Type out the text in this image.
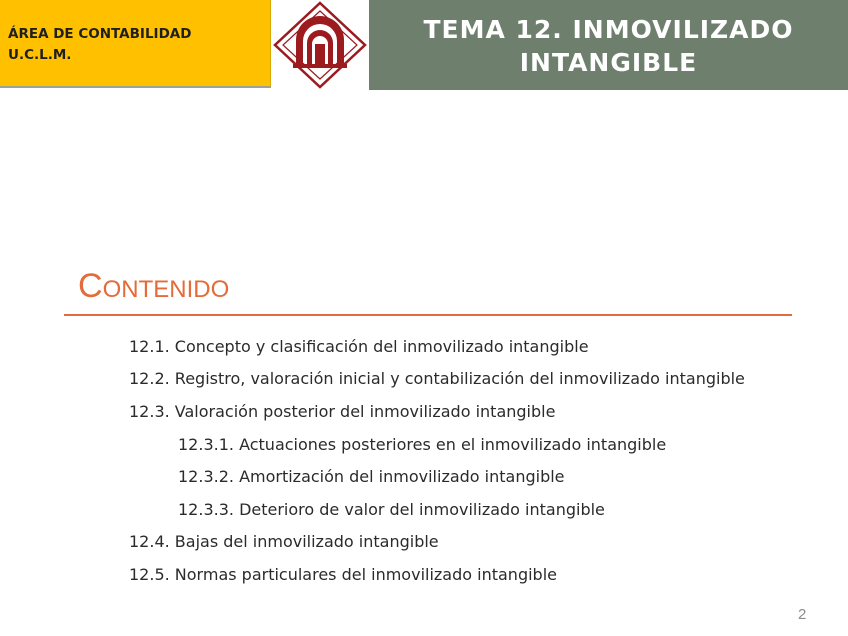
ÁREA DE CONTABILIDAD
U.C.L.M.
TEMA 12. INMOVILIZADO
INTANGIBLE
CONTENIDO
12.1. Concepto y clasificación del inmovilizado intangible
12.2. Registro, valoración inicial y contabilización del inmovilizado intangible
12.3. Valoración posterior del inmovilizado intangible
12.3.1. Actuaciones posteriores en el inmovilizado intangible
12.3.2. Amortización del inmovilizado intangible
12.3.3. Deterioro de valor del inmovilizado intangible
12.4. Bajas del inmovilizado intangible
12.5. Normas particulares del inmovilizado intangible
2
